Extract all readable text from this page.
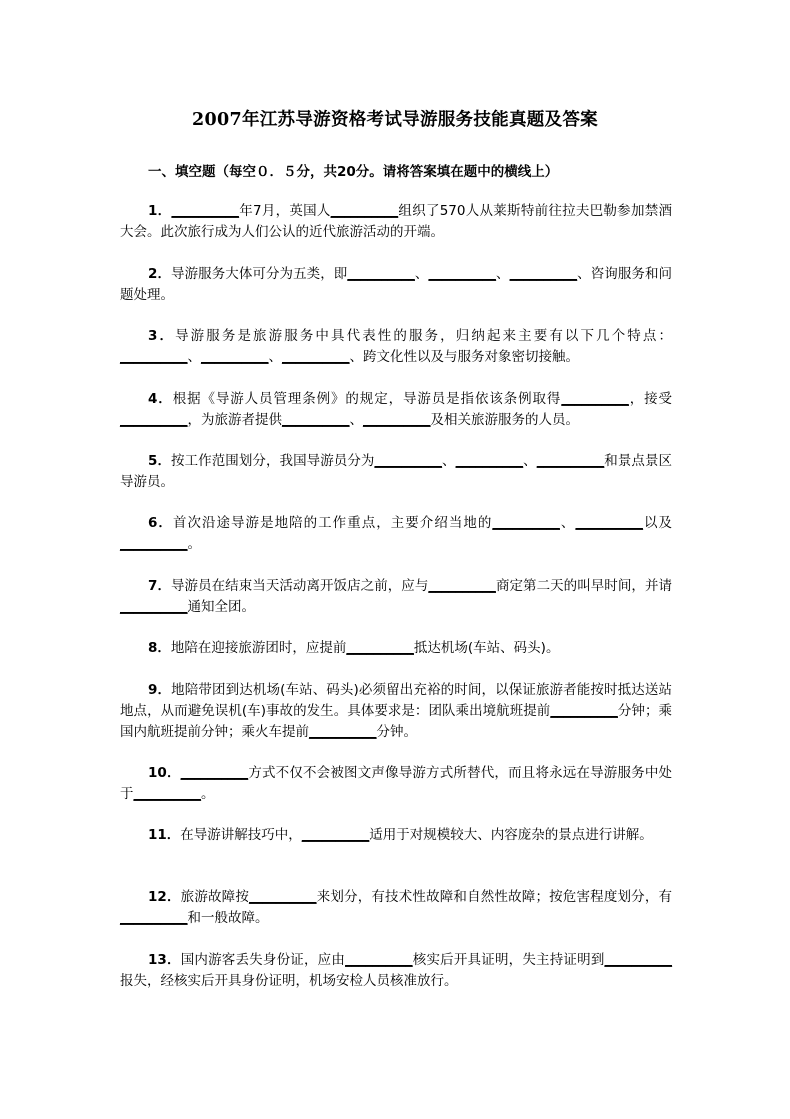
2007年江苏导游资格考试导游服务技能真题及答案
一、填空题（每空０．５分，共20分。请将答案填在题中的横线上）
1．__________年7月，英国人__________组织了570人从莱斯特前往拉夫巴勒参加禁酒大会。此次旅行成为人们公认的近代旅游活动的开端。
2．导游服务大体可分为五类，即__________、__________、__________、咨询服务和问题处理。
3．导游服务是旅游服务中具代表性的服务，归纳起来主要有以下几个特点：__________、__________、__________、跨文化性以及与服务对象密切接触。
4．根据《导游人员管理条例》的规定，导游员是指依该条例取得__________，接受__________，为旅游者提供__________、__________及相关旅游服务的人员。
5．按工作范围划分，我国导游员分为__________、__________、__________和景点景区导游员。
6．首次沿途导游是地陪的工作重点，主要介绍当地的__________、__________以及__________。
7．导游员在结束当天活动离开饭店之前，应与__________商定第二天的叫早时间，并请__________通知全团。
8．地陪在迎接旅游团时，应提前__________抵达机场(车站、码头)。
9．地陪带团到达机场(车站、码头)必须留出充裕的时间，以保证旅游者能按时抵达送站地点，从而避免误机(车)事故的发生。具体要求是：团队乘出境航班提前__________分钟；乘国内航班提前分钟；乘火车提前__________分钟。
10．__________方式不仅不会被图文声像导游方式所替代，而且将永远在导游服务中处于__________。
11．在导游讲解技巧中，__________适用于对规模较大、内容庞杂的景点进行讲解。
12．旅游故障按__________来划分，有技术性故障和自然性故障；按危害程度划分，有__________和一般故障。
13．国内游客丢失身份证，应由__________核实后开具证明，失主持证明到__________报失，经核实后开具身份证明，机场安检人员核准放行。
